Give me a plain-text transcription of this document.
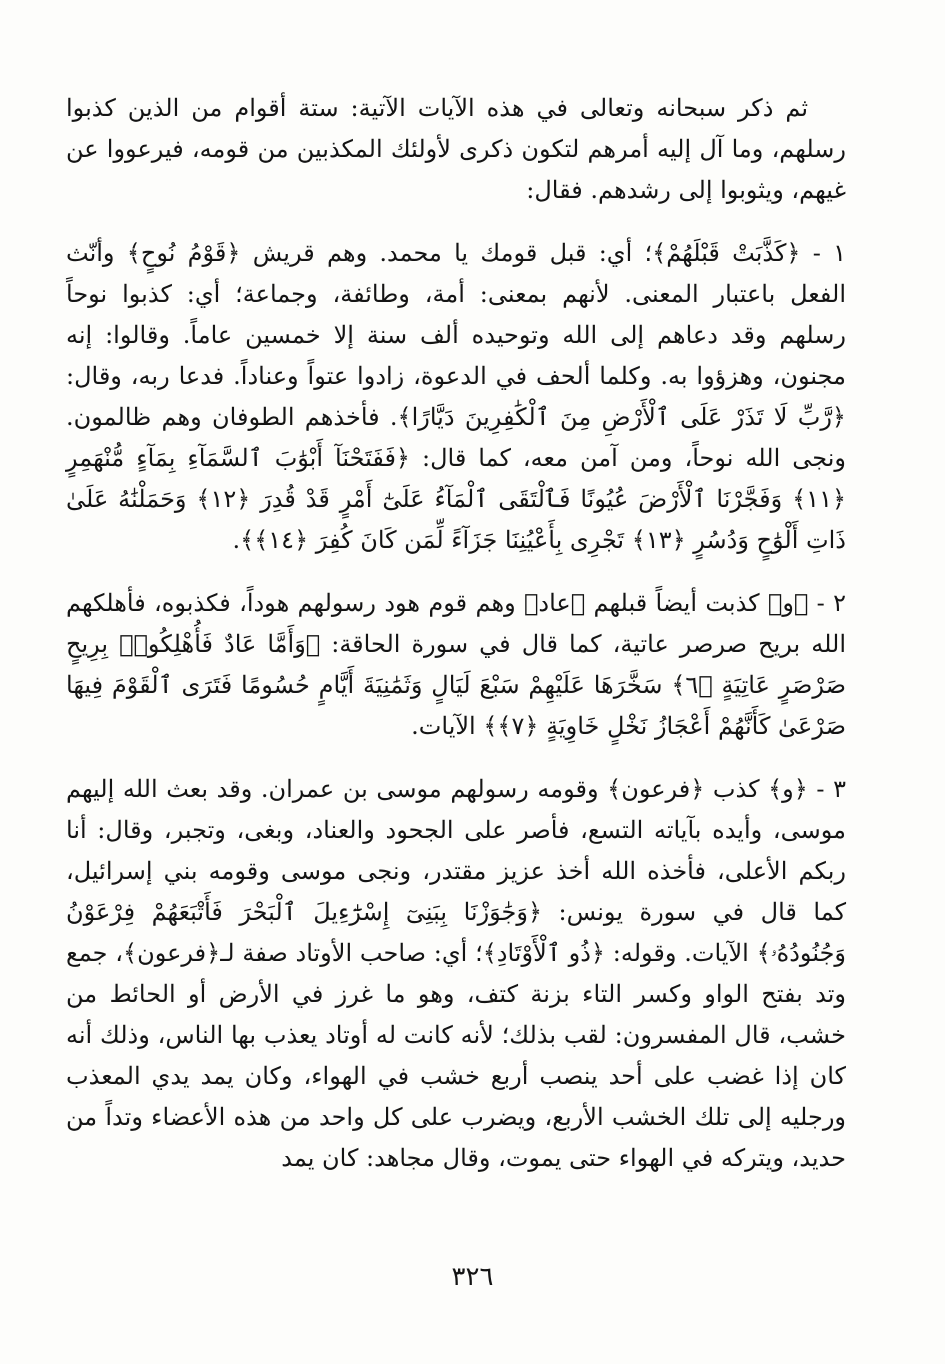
ثم ذكر سبحانه وتعالى في هذه الآيات الآتية: ستة أقوام من الذين كذبوا رسلهم، وما آل إليه أمرهم لتكون ذكرى لأولئك المكذبين من قومه، فيرعووا عن غيهم، ويثوبوا إلى رشدهم. فقال:

١ - ﴿كَذَّبَتْ قَبْلَهُمْ﴾؛ أي: قبل قومك يا محمد. وهم قريش ﴿قَوْمُ نُوحٍ﴾ وأنّث الفعل باعتبار المعنى. لأنهم بمعنى: أمة، وطائفة، وجماعة؛ أي: كذبوا نوحاً رسلهم وقد دعاهم إلى الله وتوحيده ألف سنة إلا خمسين عاماً. وقالوا: إنه مجنون، وهزؤوا به. وكلما ألحف في الدعوة، زادوا عتواً وعناداً. فدعا ربه، وقال: ﴿رَّبِّ لَا تَذَرْ عَلَى ٱلْأَرْضِ مِنَ ٱلْكَٰفِرِينَ دَيَّارًا﴾. فأخذهم الطوفان وهم ظالمون. ونجى الله نوحاً، ومن آمن معه، كما قال: ﴿فَفَتَحْنَآ أَبْوَٰبَ ٱلسَّمَآءِ بِمَآءٍ مُّنْهَمِرٍ ﴿١١﴾ وَفَجَّرْنَا ٱلْأَرْضَ عُيُونًا فَٱلْتَقَى ٱلْمَآءُ عَلَىٰٓ أَمْرٍ قَدْ قُدِرَ ﴿١٢﴾ وَحَمَلْنَٰهُ عَلَىٰ ذَاتِ أَلْوَٰحٍ وَدُسُرٍ ﴿١٣﴾ تَجْرِى بِأَعْيُنِنَا جَزَآءً لِّمَن كَانَ كُفِرَ ﴿١٤﴾﴾.

٢ - ﴿و﴾ كذبت أيضاً قبلهم ﴿عاد﴾ وهم قوم هود رسولهم هوداً، فكذبوه، فأهلكهم الله بريح صرصر عاتية، كما قال في سورة الحاقة: ﴿وَأَمَّا عَادٌ فَأُهْلِكُوا۟ بِرِيحٍ صَرْصَرٍ عَاتِيَةٍ ﴿٦﴾ سَخَّرَهَا عَلَيْهِمْ سَبْعَ لَيَالٍ وَثَمَٰنِيَةَ أَيَّامٍ حُسُومًا فَتَرَى ٱلْقَوْمَ فِيهَا صَرْعَىٰ كَأَنَّهُمْ أَعْجَازُ نَخْلٍ خَاوِيَةٍ ﴿٧﴾﴾ الآيات.

٣ - ﴿و﴾ كذب ﴿فرعون﴾ وقومه رسولهم موسى بن عمران. وقد بعث الله إليهم موسى، وأيده بآياته التسع، فأصر على الجحود والعناد، وبغى، وتجبر، وقال: أنا ربكم الأعلى، فأخذه الله أخذ عزيز مقتدر، ونجى موسى وقومه بني إسرائيل، كما قال في سورة يونس: ﴿وَجَٰوَزْنَا بِبَنِىٓ إِسْرَٰٓءِيلَ ٱلْبَحْرَ فَأَتْبَعَهُمْ فِرْعَوْنُ وَجُنُودُهُۥ﴾ الآيات. وقوله: ﴿ذُو ٱلْأَوْتَادِ﴾؛ أي: صاحب الأوتاد صفة لـ﴿فرعون﴾، جمع وتد بفتح الواو وكسر التاء بزنة كتف، وهو ما غرز في الأرض أو الحائط من خشب، قال المفسرون: لقب بذلك؛ لأنه كانت له أوتاد يعذب بها الناس، وذلك أنه كان إذا غضب على أحد ينصب أربع خشب في الهواء، وكان يمد يدي المعذب ورجليه إلى تلك الخشب الأربع، ويضرب على كل واحد من هذه الأعضاء وتداً من حديد، ويتركه في الهواء حتى يموت، وقال مجاهد: كان يمد

٣٢٦
